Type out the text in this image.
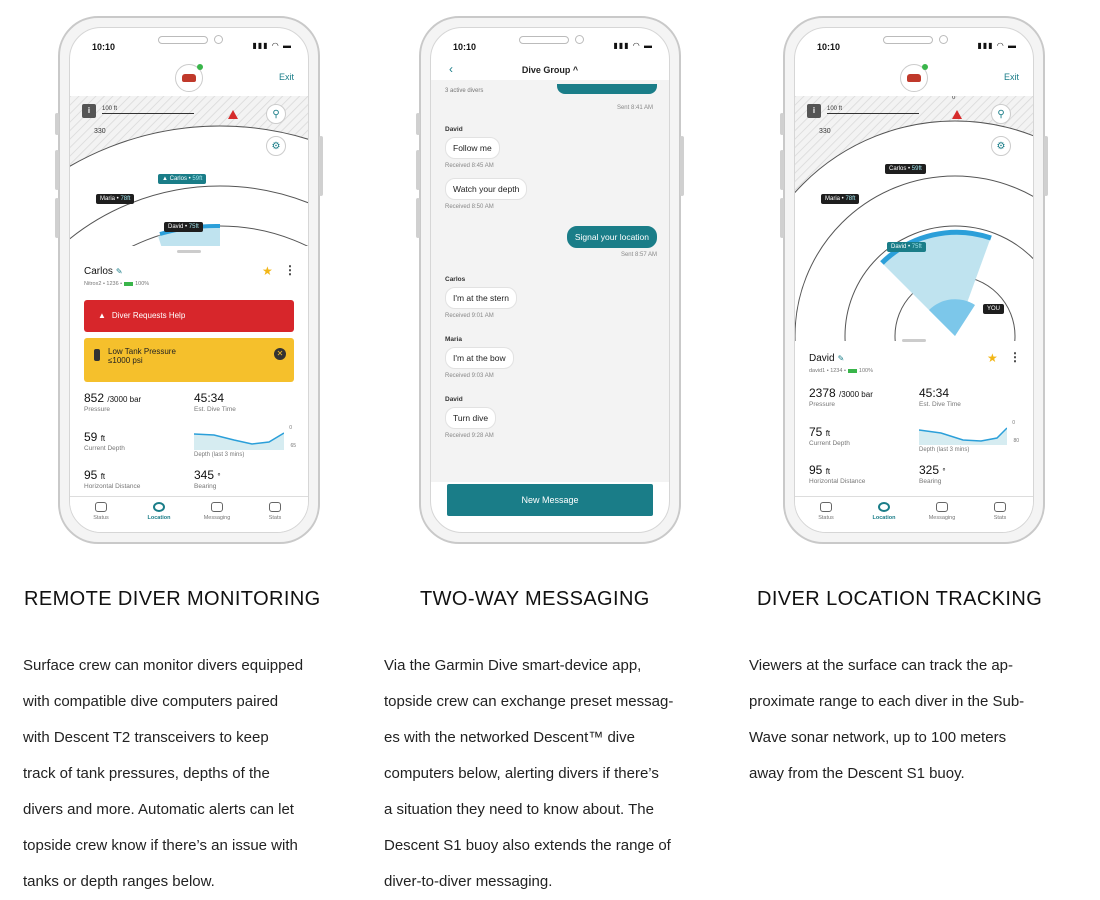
10:10	▮▮▮ ◠ ▬
Exit
i	100 ft
330
⚲
⚙
▲ Carlos • 59ft
Maria • 78ft
David • 75ft
Carlos ✎
Nitrox2 • 1236 • 100%
★ ⋮
▲ Diver Requests Help
Low Tank Pressure
≤1000 psi
✕
852 /3000 bar
Pressure
45:34
Est. Dive Time
59 ft
Current Depth
0
65
Depth (last 3 mins)
95 ft
Horizontal Distance
345 °
Bearing
Status	Location	Messaging	Stats
10:10	▮▮▮ ◠ ▬
‹	Dive Group ^
3 active divers
Sent 8:41 AM
David
Follow me
Received 8:45 AM
Watch your depth
Received 8:50 AM
Signal your location
Sent 8:57 AM
Carlos
I'm at the stern
Received 9:01 AM
Maria
I'm at the bow
Received 9:03 AM
David
Turn dive
Received 9:28 AM
New Message
10:10	▮▮▮ ◠ ▬
Exit
i	100 ft
330
0
⚲
⚙
Carlos • 59ft
Maria • 78ft
David • 75ft
YOU
David ✎
david1 • 1234 • 100%
★ ⋮
2378 /3000 bar
Pressure
45:34
Est. Dive Time
75 ft
Current Depth
0
80
Depth (last 3 mins)
95 ft
Horizontal Distance
325 °
Bearing
Status	Location	Messaging	Stats
REMOTE DIVER MONITORING	TWO-WAY MESSAGING	DIVER LOCATION TRACKING
Surface crew can monitor divers equipped
with compatible dive computers paired
with Descent T2 transceivers to keep
track of tank pressures, depths of the
divers and more. Automatic alerts can let
topside crew know if there’s an issue with
tanks or depth ranges below.
Via the Garmin Dive smart-device app,
topside crew can exchange preset messag-
es with the networked Descent™ dive
computers below, alerting divers if there’s
a situation they need to know about. The
Descent S1 buoy also extends the range of
diver-to-diver messaging.
Viewers at the surface can track the ap-
proximate range to each diver in the Sub-
Wave sonar network, up to 100 meters
away from the Descent S1 buoy.
